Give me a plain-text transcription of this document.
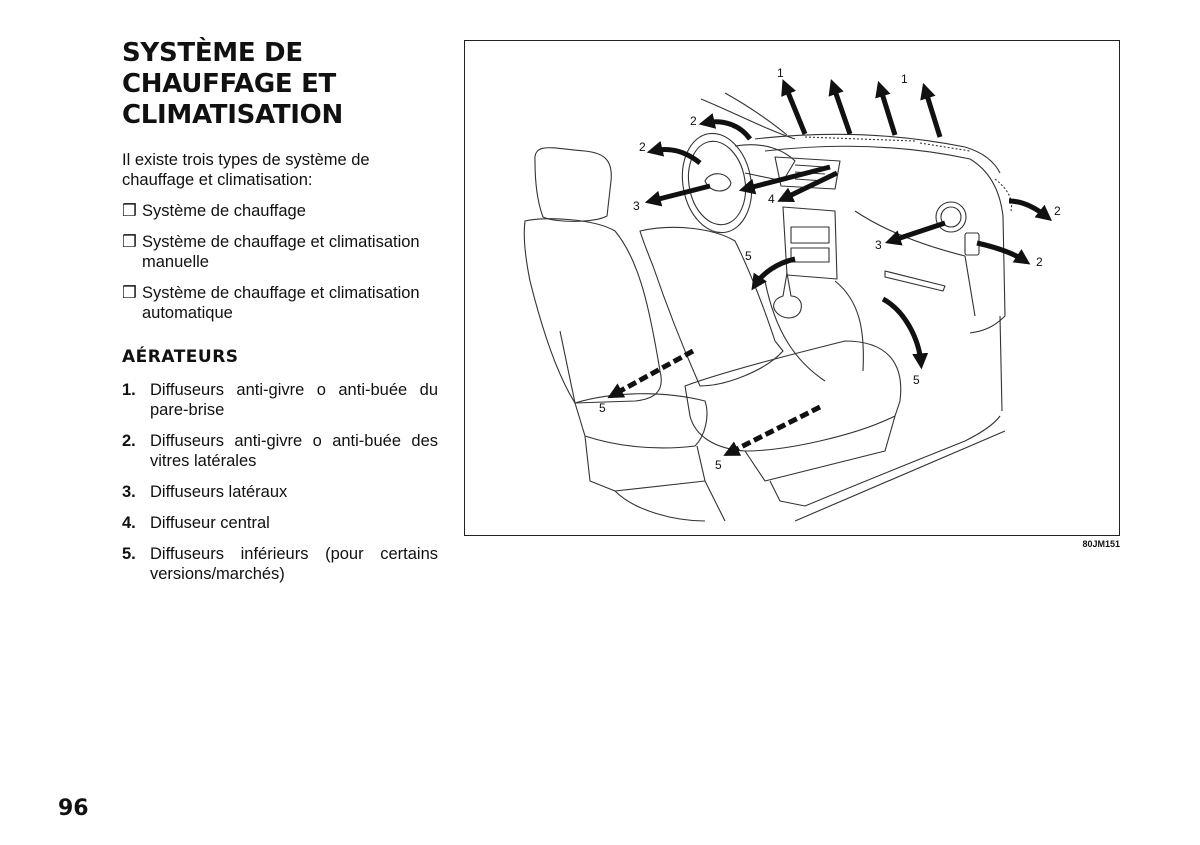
SYSTÈME DE
CHAUFFAGE ET
CLIMATISATION

Il existe trois types de système de chauffage et climatisation:

❒ Système de chauffage
❒ Système de chauffage et climatisation manuelle
❒ Système de chauffage et climatisation automatique
AÉRATEURS
1. Diffuseurs anti-givre o anti-buée du pare-brise
2. Diffuseurs anti-givre o anti-buée des vitres latérales
3. Diffuseurs latéraux
4. Diffuseur central
5. Diffuseurs inférieurs (pour certains versions/marchés)
1	1
2
2
2
2
3
3
4
5
5
5
5
80JM151
96
